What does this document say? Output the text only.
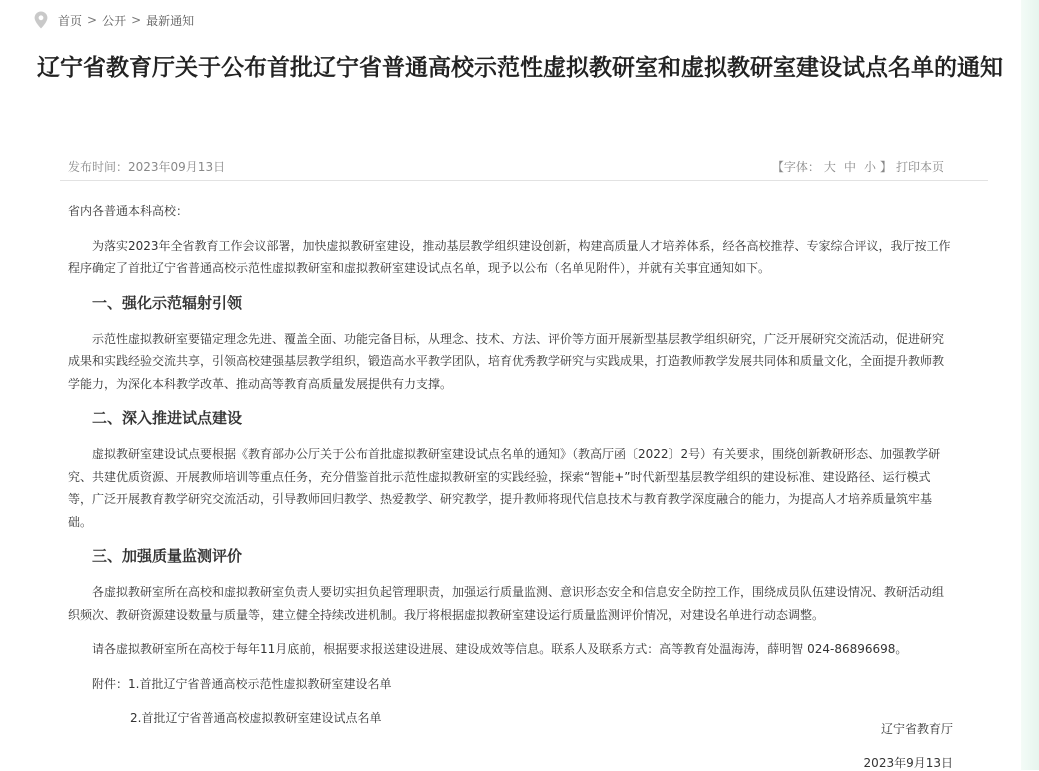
首页 > 公开 > 最新通知
辽宁省教育厅关于公布首批辽宁省普通高校示范性虚拟教研室和虚拟教研室建设试点名单的通知
发布时间：2023年09月13日	【字体： 大 中 小 】 打印本页

省内各普通本科高校：

为落实2023年全省教育工作会议部署，加快虚拟教研室建设，推动基层教学组织建设创新，构建高质量人才培养体系，经各高校推荐、专家综合评议，我厅按工作程序确定了首批辽宁省普通高校示范性虚拟教研室和虚拟教研室建设试点名单，现予以公布（名单见附件），并就有关事宜通知如下。

一、强化示范辐射引领

示范性虚拟教研室要锚定理念先进、覆盖全面、功能完备目标，从理念、技术、方法、评价等方面开展新型基层教学组织研究，广泛开展研究交流活动，促进研究成果和实践经验交流共享，引领高校建强基层教学组织，锻造高水平教学团队，培育优秀教学研究与实践成果，打造教师教学发展共同体和质量文化，全面提升教师教学能力，为深化本科教学改革、推动高等教育高质量发展提供有力支撑。

二、深入推进试点建设

虚拟教研室建设试点要根据《教育部办公厅关于公布首批虚拟教研室建设试点名单的通知》（教高厅函〔2022〕2号）有关要求，围绕创新教研形态、加强教学研究、共建优质资源、开展教师培训等重点任务，充分借鉴首批示范性虚拟教研室的实践经验，探索“智能+”时代新型基层教学组织的建设标准、建设路径、运行模式等，广泛开展教育教学研究交流活动，引导教师回归教学、热爱教学、研究教学，提升教师将现代信息技术与教育教学深度融合的能力，为提高人才培养质量筑牢基础。

三、加强质量监测评价

各虚拟教研室所在高校和虚拟教研室负责人要切实担负起管理职责，加强运行质量监测、意识形态安全和信息安全防控工作，围绕成员队伍建设情况、教研活动组织频次、教研资源建设数量与质量等，建立健全持续改进机制。我厅将根据虚拟教研室建设运行质量监测评价情况，对建设名单进行动态调整。

请各虚拟教研室所在高校于每年11月底前，根据要求报送建设进展、建设成效等信息。联系人及联系方式：高等教育处温海涛，薛明智 024-86896698。

附件：1.首批辽宁省普通高校示范性虚拟教研室建设名单

2.首批辽宁省普通高校虚拟教研室建设试点名单

辽宁省教育厅
2023年9月13日
